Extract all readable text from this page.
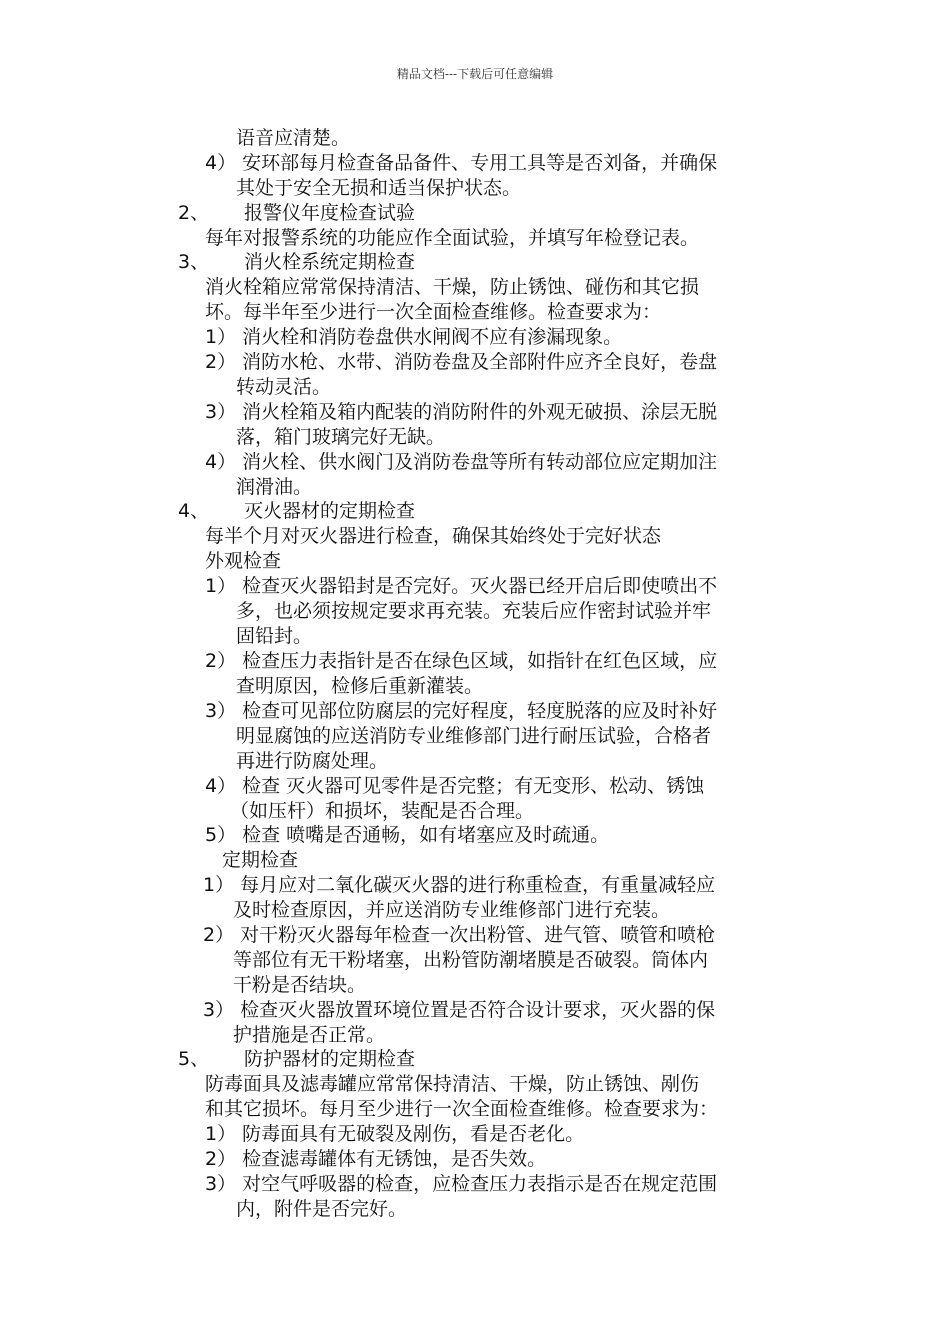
精品文档---下载后可任意编辑
语音应清楚。
4） 安环部每月检查备品备件、专用工具等是否刘备，并确保
其处于安全无损和适当保护状态。
2、 报警仪年度检查试验
每年对报警系统的功能应作全面试验，并填写年检登记表。
3、 消火栓系统定期检查
消火栓箱应常常保持清洁、干燥，防止锈蚀、碰伤和其它损
坏。每半年至少进行一次全面检查维修。检查要求为：
1） 消火栓和消防卷盘供水闸阀不应有渗漏现象。
2） 消防水枪、水带、消防卷盘及全部附件应齐全良好，卷盘
转动灵活。
3） 消火栓箱及箱内配装的消防附件的外观无破损、涂层无脱
落，箱门玻璃完好无缺。
4） 消火栓、供水阀门及消防卷盘等所有转动部位应定期加注
润滑油。
4、 灭火器材的定期检查
每半个月对灭火器进行检查，确保其始终处于完好状态
外观检查
1） 检查灭火器铅封是否完好。灭火器已经开启后即使喷出不
多，也必须按规定要求再充装。充装后应作密封试验并牢
固铅封。
2） 检查压力表指针是否在绿色区域，如指针在红色区域，应
查明原因，检修后重新灌装。
3） 检查可见部位防腐层的完好程度，轻度脱落的应及时补好
明显腐蚀的应送消防专业维修部门进行耐压试验，合格者
再进行防腐处理。
4） 检查 灭火器可见零件是否完整；有无变形、松动、锈蚀
（如压杆）和损坏，装配是否合理。
5） 检查 喷嘴是否通畅，如有堵塞应及时疏通。
定期检查
1） 每月应对二氧化碳灭火器的进行称重检查，有重量减轻应
及时检查原因，并应送消防专业维修部门进行充装。
2） 对干粉灭火器每年检查一次出粉管、进气管、喷管和喷枪
等部位有无干粉堵塞，出粉管防潮堵膜是否破裂。筒体内
干粉是否结块。
3） 检查灭火器放置环境位置是否符合设计要求，灭火器的保
护措施是否正常。
5、 防护器材的定期检查
防毒面具及滤毒罐应常常保持清洁、干燥，防止锈蚀、剐伤
和其它损坏。每月至少进行一次全面检查维修。检查要求为：
1） 防毒面具有无破裂及剐伤，看是否老化。
2） 检查滤毒罐体有无锈蚀，是否失效。
3） 对空气呼吸器的检查，应检查压力表指示是否在规定范围
内，附件是否完好。
